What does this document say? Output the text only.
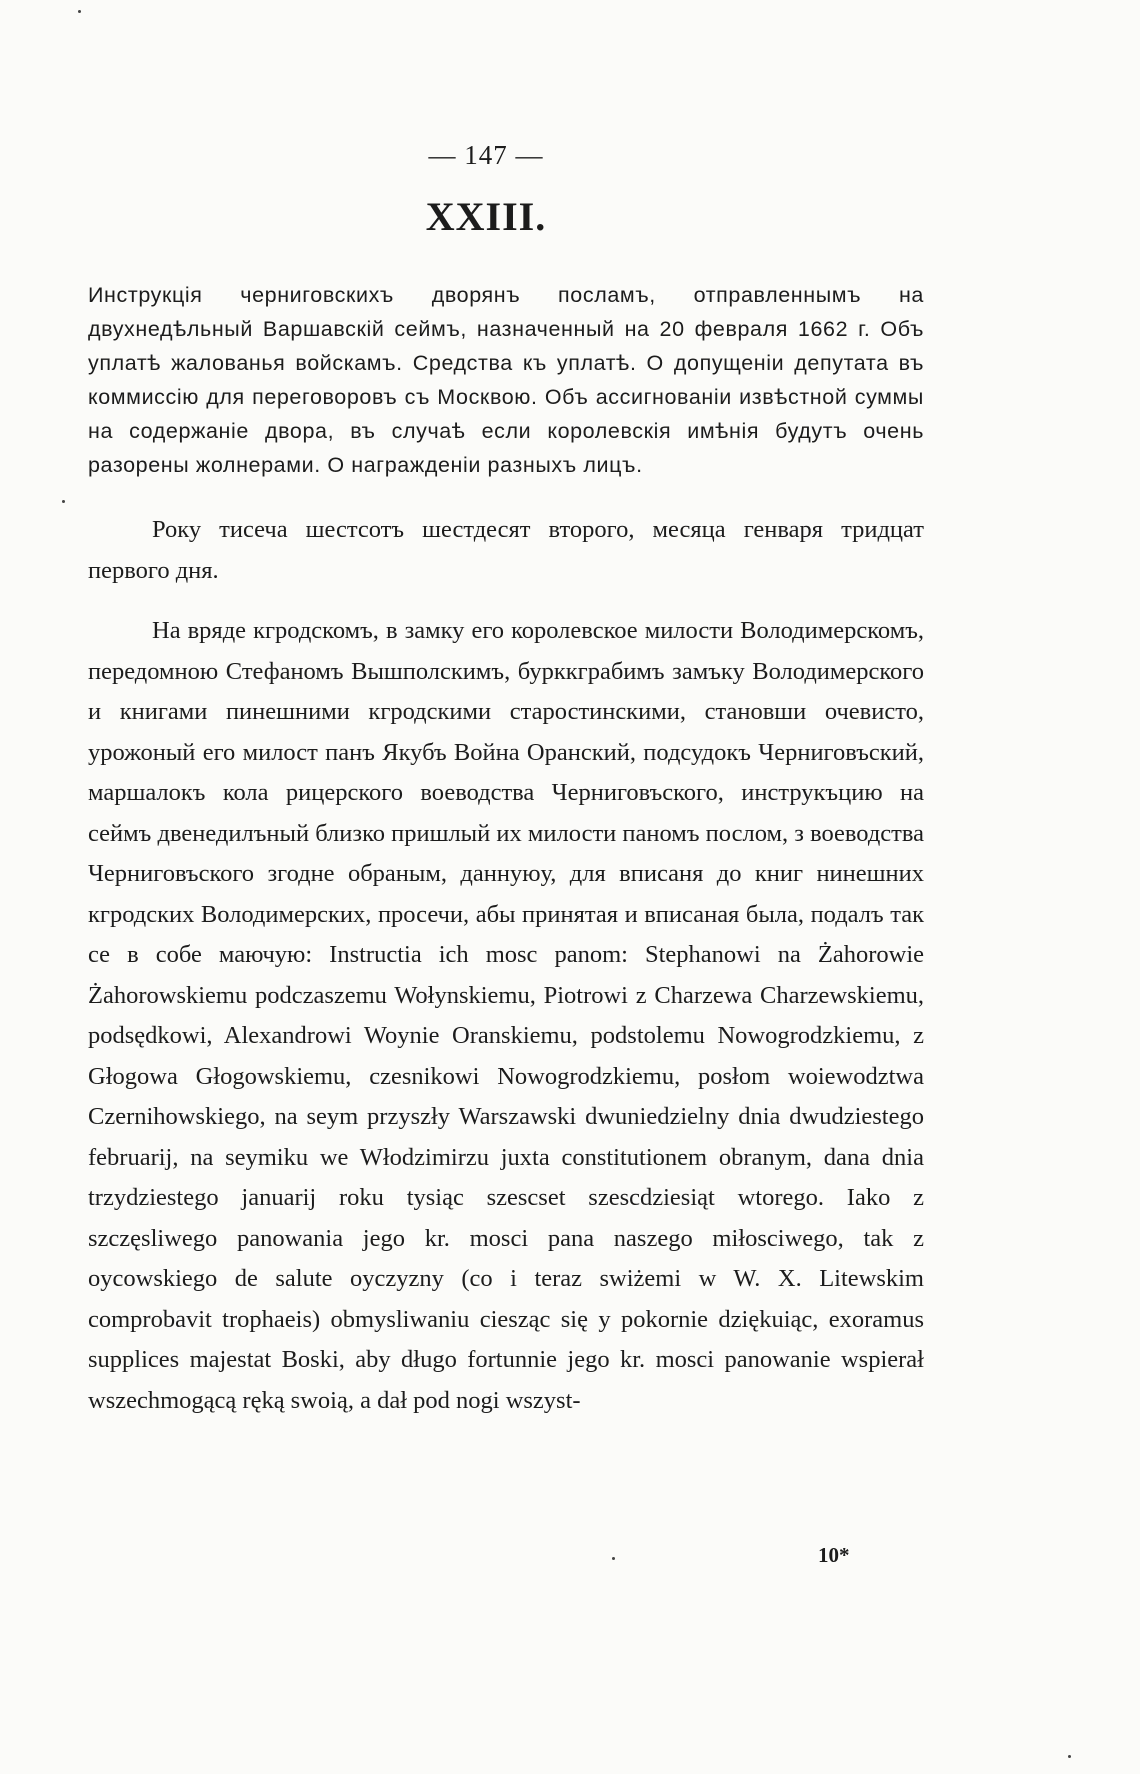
— 147 —
XXIII.

Инструкція черниговскихъ дворянъ посламъ, отправленнымъ на двухнедѣльный Варшавскій сеймъ, назначенный на 20 февраля 1662 г. Объ уплатѣ жалованья войскамъ. Средства къ уплатѣ. О допущеніи депутата въ коммиссію для переговоровъ съ Москвою. Объ ассигнованіи извѣстной суммы на содержаніе двора, въ случаѣ если королевскія имѣнія будутъ очень разорены жолнерами. О награжденіи разныхъ лицъ.

Року тисеча шестсотъ шестдесят второго, месяца генваря тридцат первого дня.

На вряде кгродскомъ, в замку его королевское милости Володимерскомъ, передомною Стефаномъ Вышполскимъ, бурккграбимъ замъку Володимерского и книгами пинешними кгродскими старостинскими, становши очевисто, урожоный его милост панъ Якубъ Война Оранский, подсудокъ Черниговъский, маршалокъ кола рицерского воеводства Черниговъского, инструкъцию на сеймъ двенедилъный близко пришлый их милости паномъ послом, з воеводства Черниговъского згодне обраным, даннуюу, для вписаня до книг нинешних кгродских Володимерских, просечи, абы принятая и вписаная была, подалъ так се в собе маючую: Instructia ich mosc panom: Stephanowi na Żahorowie Żahorowskiemu podczaszemu Wołynskiemu, Piotrowi z Charzewa Charzewskiemu, podsędkowi, Alexandrowi Woynie Oranskiemu, podstolemu Nowogrodzkiemu, z Głogowa Głogowskiemu, czesnikowi Nowogrodzkiemu, posłom woiewodztwa Czernihowskiego, na seym przyszły Warszawski dwuniedzielny dnia dwudziestego februarij, na seymiku we Włodzimirzu juxta constitutionem obranym, dana dnia trzydziestego januarij roku tysiąc szescset szescdziesiąt wtorego. Iako z szczęsliwego panowania jego kr. mosci pana naszego miłosciwego, tak z oycowskiego de salute oyczyzny (co i teraz swiżemi w W. X. Litewskim comprobavit trophaeis) obmysliwaniu ciesząc się y pokornie dziękuiąc, exoramus supplices majestat Boski, aby długo fortunnie jego kr. mosci panowanie wspierał wszechmogącą ręką swoią, a dał pod nogi wszyst-

10*
